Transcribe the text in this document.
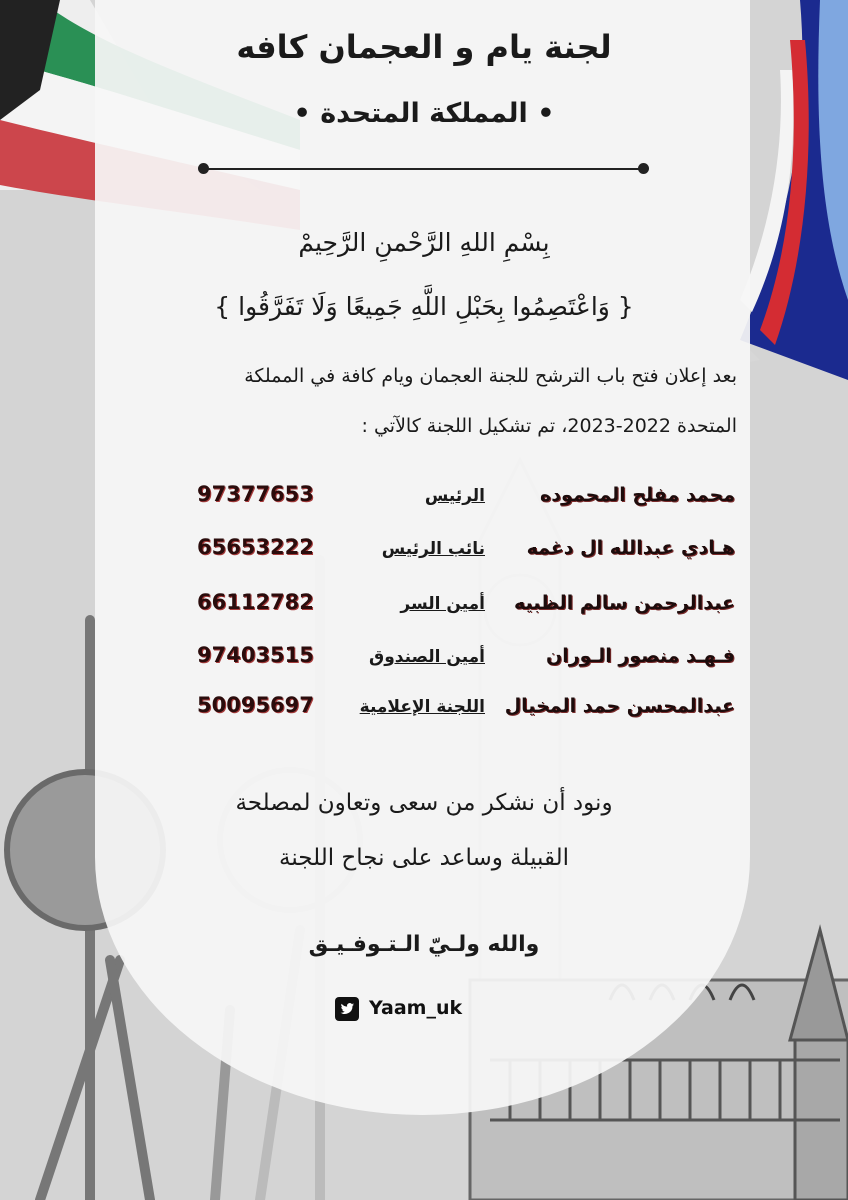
لجنة يام و العجمان كافه
• المملكة المتحدة •
بِسْمِ اللهِ الرَّحْمنِ الرَّحِيمْ
{ وَاعْتَصِمُوا بِحَبْلِ اللَّهِ جَمِيعًا وَلَا تَفَرَّقُوا }
بعد إعلان فتح باب الترشح للجنة العجمان ويام كافة في المملكة
المتحدة 2022-2023، تم تشكيل اللجنة كالآتي :
محمد مفلح المحموده
الرئيس
97377653
هـادي عبدالله ال دغمه
نائب الرئيس
65653222
عبدالرحمن سالم الظبيه
أمين السر
66112782
فـهـد منصور الـوران
أمين الصندوق
97403515
عبدالمحسن حمد المخيال
اللجنة الإعلامية
50095697
ونود أن نشكر من سعى وتعاون لمصلحة
القبيلة وساعد على نجاح اللجنة
والله ولـيّ الـتـوفـيـق
Yaam_uk
